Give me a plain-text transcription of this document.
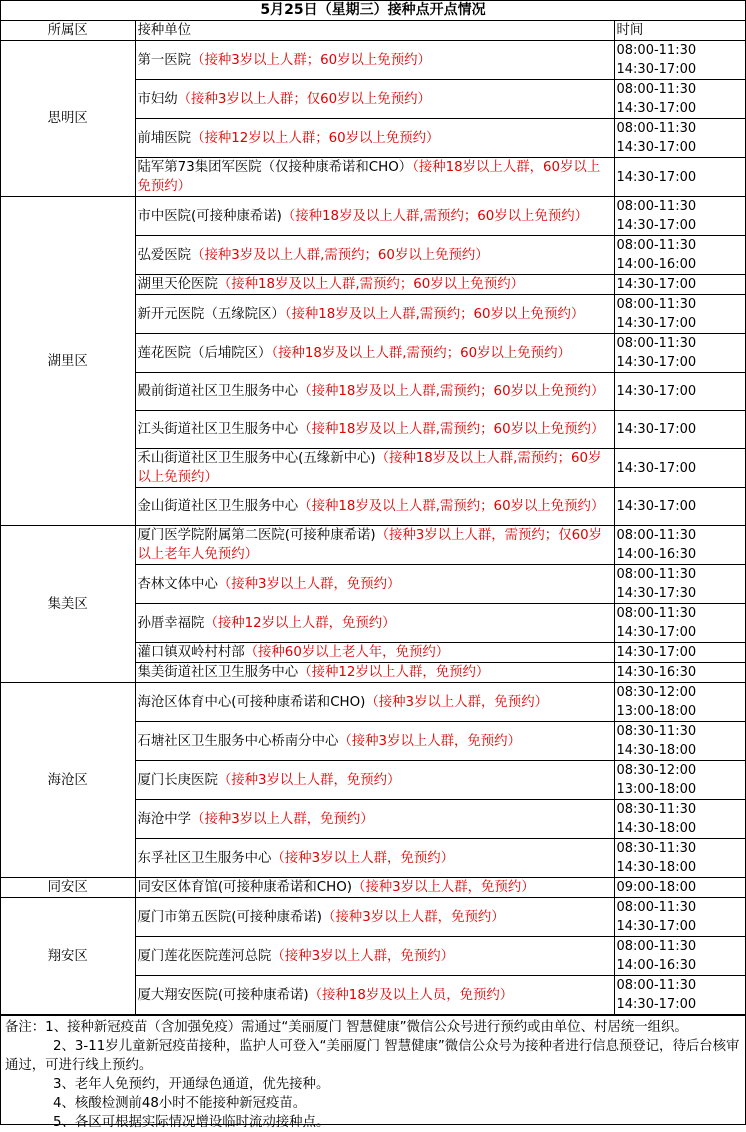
5月25日（星期三）接种点开点情况
所属区	接种单位	时间
思明区	第一医院（接种3岁以上人群；60岁以上免预约）	08:00-11:30
14:30-17:00

	市妇幼（接种3岁以上人群；仅60岁以上免预约）	08:00-11:30
14:30-17:00

	前埔医院（接种12岁以上人群；60岁以上免预约）	08:00-11:30
14:30-17:00

	陆军第73集团军医院（仅接种康希诺和CHO）（接种18岁以上人群，60岁以上免预约）	14:30-17:00

湖里区	市中医院(可接种康希诺)（接种18岁及以上人群,需预约；60岁以上免预约）	08:00-11:30
14:30-17:00

	弘爱医院（接种3岁及以上人群,需预约；60岁以上免预约）	08:00-11:30
14:00-16:00

	湖里天伦医院（接种18岁及以上人群,需预约；60岁以上免预约）	14:30-17:00

	新开元医院（五缘院区）（接种18岁及以上人群,需预约；60岁以上免预约）	08:00-11:30
14:30-17:00

	莲花医院（后埔院区）（接种18岁及以上人群,需预约；60岁以上免预约）	08:00-11:30
14:30-17:00

	殿前街道社区卫生服务中心（接种18岁及以上人群,需预约；60岁以上免预约）	14:30-17:00

	江头街道社区卫生服务中心（接种18岁及以上人群,需预约；60岁以上免预约）	14:30-17:00

	禾山街道社区卫生服务中心(五缘新中心)（接种18岁及以上人群,需预约；60岁以上免预约）	14:30-17:00

	金山街道社区卫生服务中心（接种18岁及以上人群,需预约；60岁以上免预约）	14:30-17:00

集美区	厦门医学院附属第二医院(可接种康希诺)（接种3岁以上人群，需预约；仅60岁以上老年人免预约）	08:00-11:30
14:00-16:30

	杏林文体中心（接种3岁以上人群，免预约）	08:00-11:30
14:30-17:30

	孙厝幸福院（接种12岁以上人群，免预约）	08:00-11:30
14:30-17:00

	灌口镇双岭村村部（接种60岁以上老人年，免预约）	14:30-17:00

	集美街道社区卫生服务中心（接种12岁以上人群，免预约）	14:30-16:30

海沧区	海沧区体育中心(可接种康希诺和CHO)（接种3岁以上人群，免预约）	08:30-12:00
13:00-18:00

	石塘社区卫生服务中心桥南分中心（接种3岁以上人群，免预约）	08:30-11:30
14:30-18:00

	厦门长庚医院（接种3岁以上人群，免预约）	08:30-12:00
13:00-18:00

	海沧中学（接种3岁以上人群，免预约）	08:30-11:30
14:30-18:00

	东孚社区卫生服务中心（接种3岁以上人群，免预约）	08:30-11:30
14:30-18:00

同安区	同安区体育馆(可接种康希诺和CHO)（接种3岁以上人群，免预约）	09:00-18:00

翔安区	厦门市第五医院(可接种康希诺)（接种3岁以上人群，免预约）	08:00-11:30
14:30-17:00

	厦门莲花医院莲河总院（接种3岁以上人群，免预约）	08:00-11:30
14:00-16:30

	厦大翔安医院(可接种康希诺)（接种18岁及以上人员，免预约）	08:00-11:30
14:30-17:00

备注：1、接种新冠疫苗（含加强免疫）需通过“美丽厦门 智慧健康”微信公众号进行预约或由单位、村居统一组织。

2、3-11岁儿童新冠疫苗接种，监护人可登入“美丽厦门 智慧健康”微信公众号为接种者进行信息预登记，待后台核审通过，可进行线上预约。

3、老年人免预约，开通绿色通道，优先接种。

4、核酸检测前48小时不能接种新冠疫苗。

5、各区可根据实际情况增设临时流动接种点。
